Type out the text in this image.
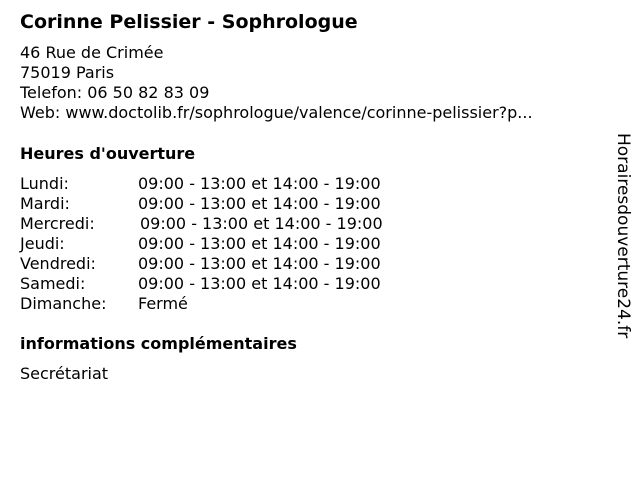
Corinne Pelissier - Sophrologue
46 Rue de Crimée
75019 Paris
Telefon: 06 50 82 83 09
Web: www.doctolib.fr/sophrologue/valence/corinne-pelissier?p...
Heures d'ouverture
Lundi:	09:00 - 13:00 et 14:00 - 19:00
Mardi:	09:00 - 13:00 et 14:00 - 19:00
Mercredi:	09:00 - 13:00 et 14:00 - 19:00
Jeudi:	09:00 - 13:00 et 14:00 - 19:00
Vendredi:	09:00 - 13:00 et 14:00 - 19:00
Samedi:	09:00 - 13:00 et 14:00 - 19:00
Dimanche: Fermé
informations complémentaires
Secrétariat
Horairesdouverture24.fr
